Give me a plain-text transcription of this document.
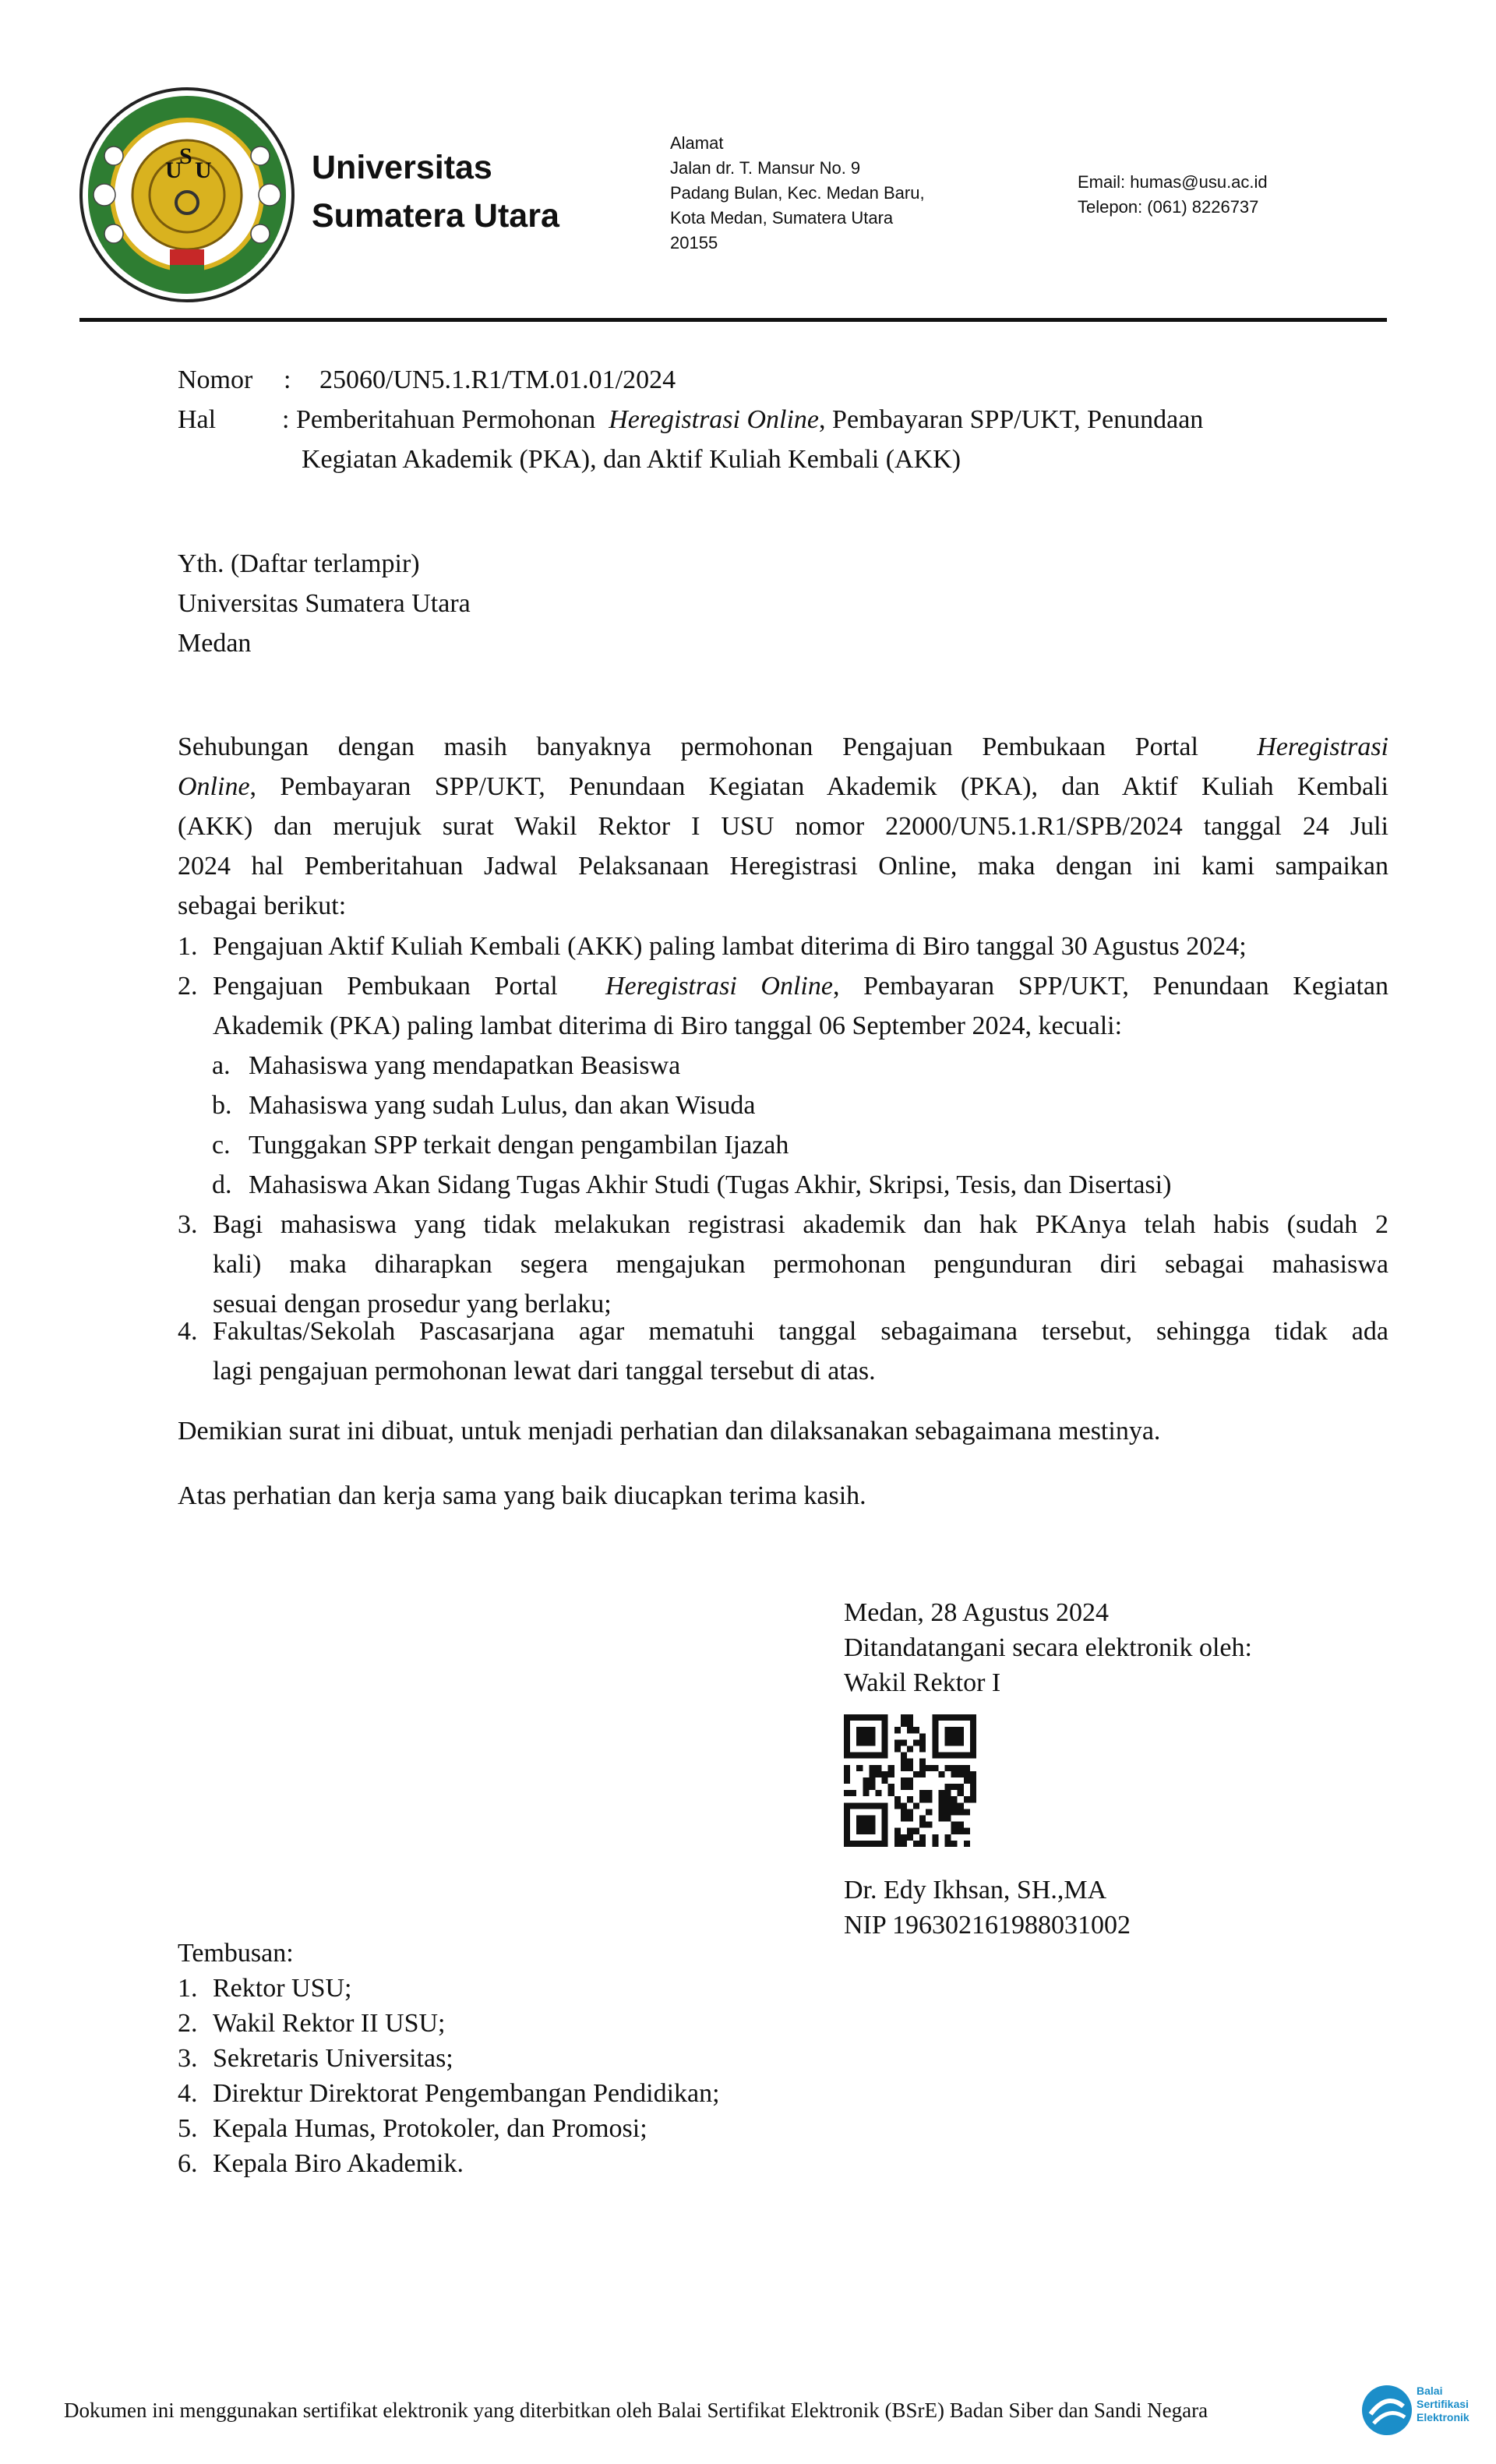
U
S
U	Universitas
Sumatera Utara
Alamat
Jalan dr. T. Mansur No. 9
Padang Bulan, Kec. Medan Baru,
Kota Medan, Sumatera Utara
20155
Email: humas@usu.ac.id
Telepon: (061) 8226737
Nomor : 25060/UN5.1.R1/TM.01.01/2024
Hal : Pemberitahuan Permohonan Heregistrasi Online, Pembayaran SPP/UKT, Penundaan
Kegiatan Akademik (PKA), dan Aktif Kuliah Kembali (AKK)
Yth. (Daftar terlampir)
Universitas Sumatera Utara
Medan
Sehubungan dengan masih banyaknya permohonan Pengajuan Pembukaan Portal Heregistrasi
Online, Pembayaran SPP/UKT, Penundaan Kegiatan Akademik (PKA), dan Aktif Kuliah Kembali
(AKK) dan merujuk surat Wakil Rektor I USU nomor 22000/UN5.1.R1/SPB/2024 tanggal 24 Juli
2024 hal Pemberitahuan Jadwal Pelaksanaan Heregistrasi Online, maka dengan ini kami sampaikan
sebagai berikut:
1. Pengajuan Aktif Kuliah Kembali (AKK) paling lambat diterima di Biro tanggal 30 Agustus 2024;
2. Pengajuan Pembukaan Portal Heregistrasi Online, Pembayaran SPP/UKT, Penundaan Kegiatan
Akademik (PKA) paling lambat diterima di Biro tanggal 06 September 2024, kecuali:
a. Mahasiswa yang mendapatkan Beasiswa
b. Mahasiswa yang sudah Lulus, dan akan Wisuda
c. Tunggakan SPP terkait dengan pengambilan Ijazah
d. Mahasiswa Akan Sidang Tugas Akhir Studi (Tugas Akhir, Skripsi, Tesis, dan Disertasi)
3. Bagi mahasiswa yang tidak melakukan registrasi akademik dan hak PKAnya telah habis (sudah 2
kali) maka diharapkan segera mengajukan permohonan pengunduran diri sebagai mahasiswa
sesuai dengan prosedur yang berlaku;
4. Fakultas/Sekolah Pascasarjana agar mematuhi tanggal sebagaimana tersebut, sehingga tidak ada
lagi pengajuan permohonan lewat dari tanggal tersebut di atas.
Demikian surat ini dibuat, untuk menjadi perhatian dan dilaksanakan sebagaimana mestinya.
Atas perhatian dan kerja sama yang baik diucapkan terima kasih.
Medan, 28 Agustus 2024
Ditandatangani secara elektronik oleh:
Wakil Rektor I
Dr. Edy Ikhsan, SH.,MA
NIP 196302161988031002
Tembusan:
1. Rektor USU;
2. Wakil Rektor II USU;
3. Sekretaris Universitas;
4. Direktur Direktorat Pengembangan Pendidikan;
5. Kepala Humas, Protokoler, dan Promosi;
6. Kepala Biro Akademik.
Dokumen ini menggunakan sertifikat elektronik yang diterbitkan oleh Balai Sertifikat Elektronik (BSrE) Badan Siber dan Sandi Negara
Balai
Sertifikasi
Elektronik
